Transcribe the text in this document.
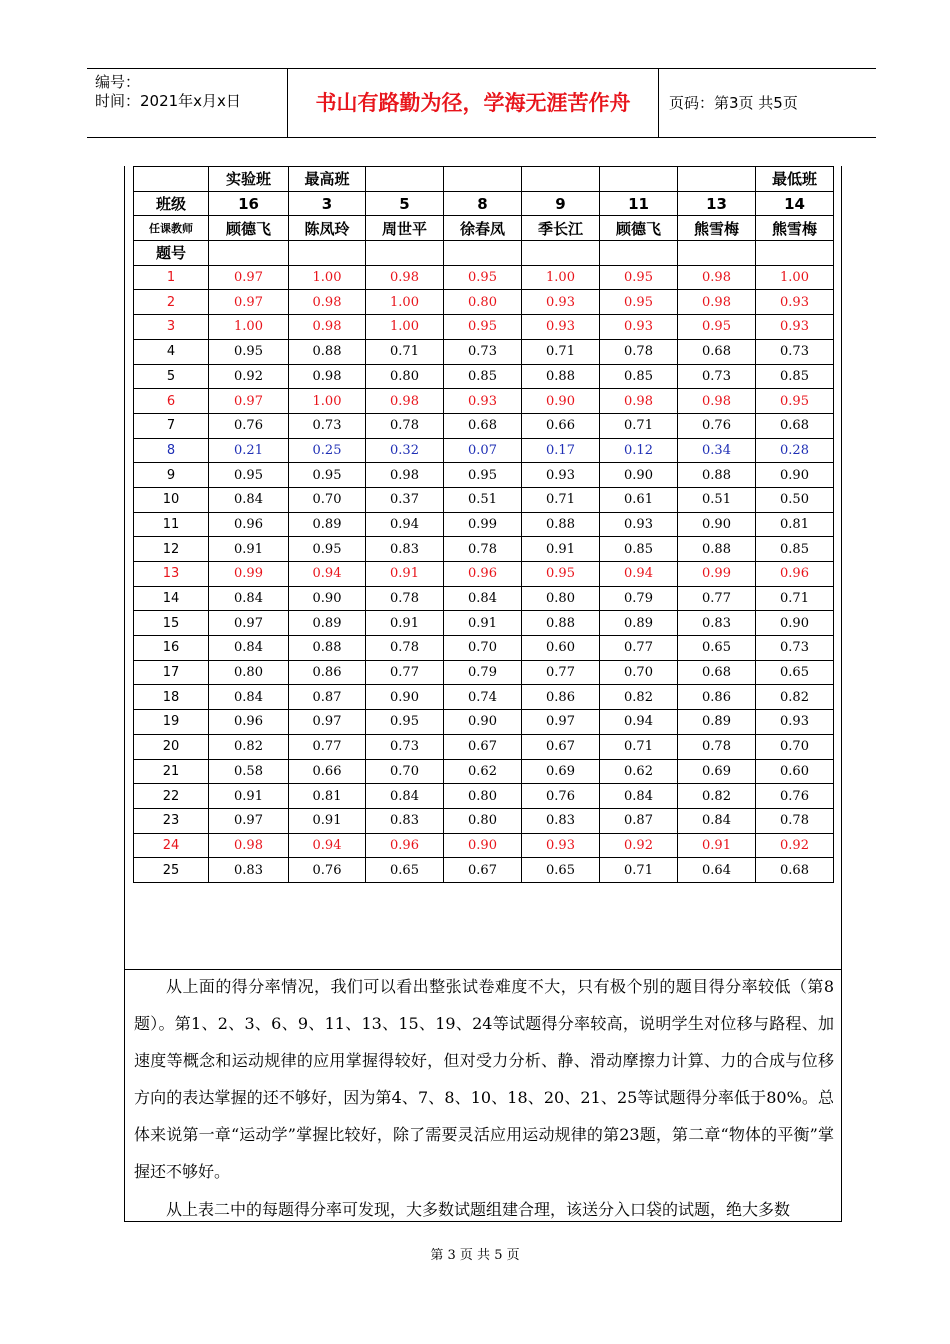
编号：
时间：2021年x月x日	书山有路勤为径，学海无涯苦作舟	页码：第3页 共5页
	实验班	最高班						最低班
班级	16	3	5	8	9	11	13	14
任课教师	顾德飞	陈凤玲	周世平	徐春凤	季长江	顾德飞	熊雪梅	熊雪梅
题号								
1	0.97	1.00	0.98	0.95	1.00	0.95	0.98	1.00
2	0.97	0.98	1.00	0.80	0.93	0.95	0.98	0.93
3	1.00	0.98	1.00	0.95	0.93	0.93	0.95	0.93
4	0.95	0.88	0.71	0.73	0.71	0.78	0.68	0.73
5	0.92	0.98	0.80	0.85	0.88	0.85	0.73	0.85
6	0.97	1.00	0.98	0.93	0.90	0.98	0.98	0.95
7	0.76	0.73	0.78	0.68	0.66	0.71	0.76	0.68
8	0.21	0.25	0.32	0.07	0.17	0.12	0.34	0.28
9	0.95	0.95	0.98	0.95	0.93	0.90	0.88	0.90
10	0.84	0.70	0.37	0.51	0.71	0.61	0.51	0.50
11	0.96	0.89	0.94	0.99	0.88	0.93	0.90	0.81
12	0.91	0.95	0.83	0.78	0.91	0.85	0.88	0.85
13	0.99	0.94	0.91	0.96	0.95	0.94	0.99	0.96
14	0.84	0.90	0.78	0.84	0.80	0.79	0.77	0.71
15	0.97	0.89	0.91	0.91	0.88	0.89	0.83	0.90
16	0.84	0.88	0.78	0.70	0.60	0.77	0.65	0.73
17	0.80	0.86	0.77	0.79	0.77	0.70	0.68	0.65
18	0.84	0.87	0.90	0.74	0.86	0.82	0.86	0.82
19	0.96	0.97	0.95	0.90	0.97	0.94	0.89	0.93
20	0.82	0.77	0.73	0.67	0.67	0.71	0.78	0.70
21	0.58	0.66	0.70	0.62	0.69	0.62	0.69	0.60
22	0.91	0.81	0.84	0.80	0.76	0.84	0.82	0.76
23	0.97	0.91	0.83	0.80	0.83	0.87	0.84	0.78
24	0.98	0.94	0.96	0.90	0.93	0.92	0.91	0.92
25	0.83	0.76	0.65	0.67	0.65	0.71	0.64	0.68
从上面的得分率情况，我们可以看出整张试卷难度不大，只有极个别的题目得分率较低（第8题）。第1、2、3、6、9、11、13、15、19、24等试题得分率较高，说明学生对位移与路程、加速度等概念和运动规律的应用掌握得较好，但对受力分析、静、滑动摩擦力计算、力的合成与位移方向的表达掌握的还不够好，因为第4、7、8、10、18、20、21、25等试题得分率低于80%。总体来说第一章“运动学”掌握比较好，除了需要灵活应用运动规律的第23题，第二章“物体的平衡”掌握还不够好。
从上表二中的每题得分率可发现，大多数试题组建合理，该送分入口袋的试题，绝大多数
第 3 页 共 5 页
